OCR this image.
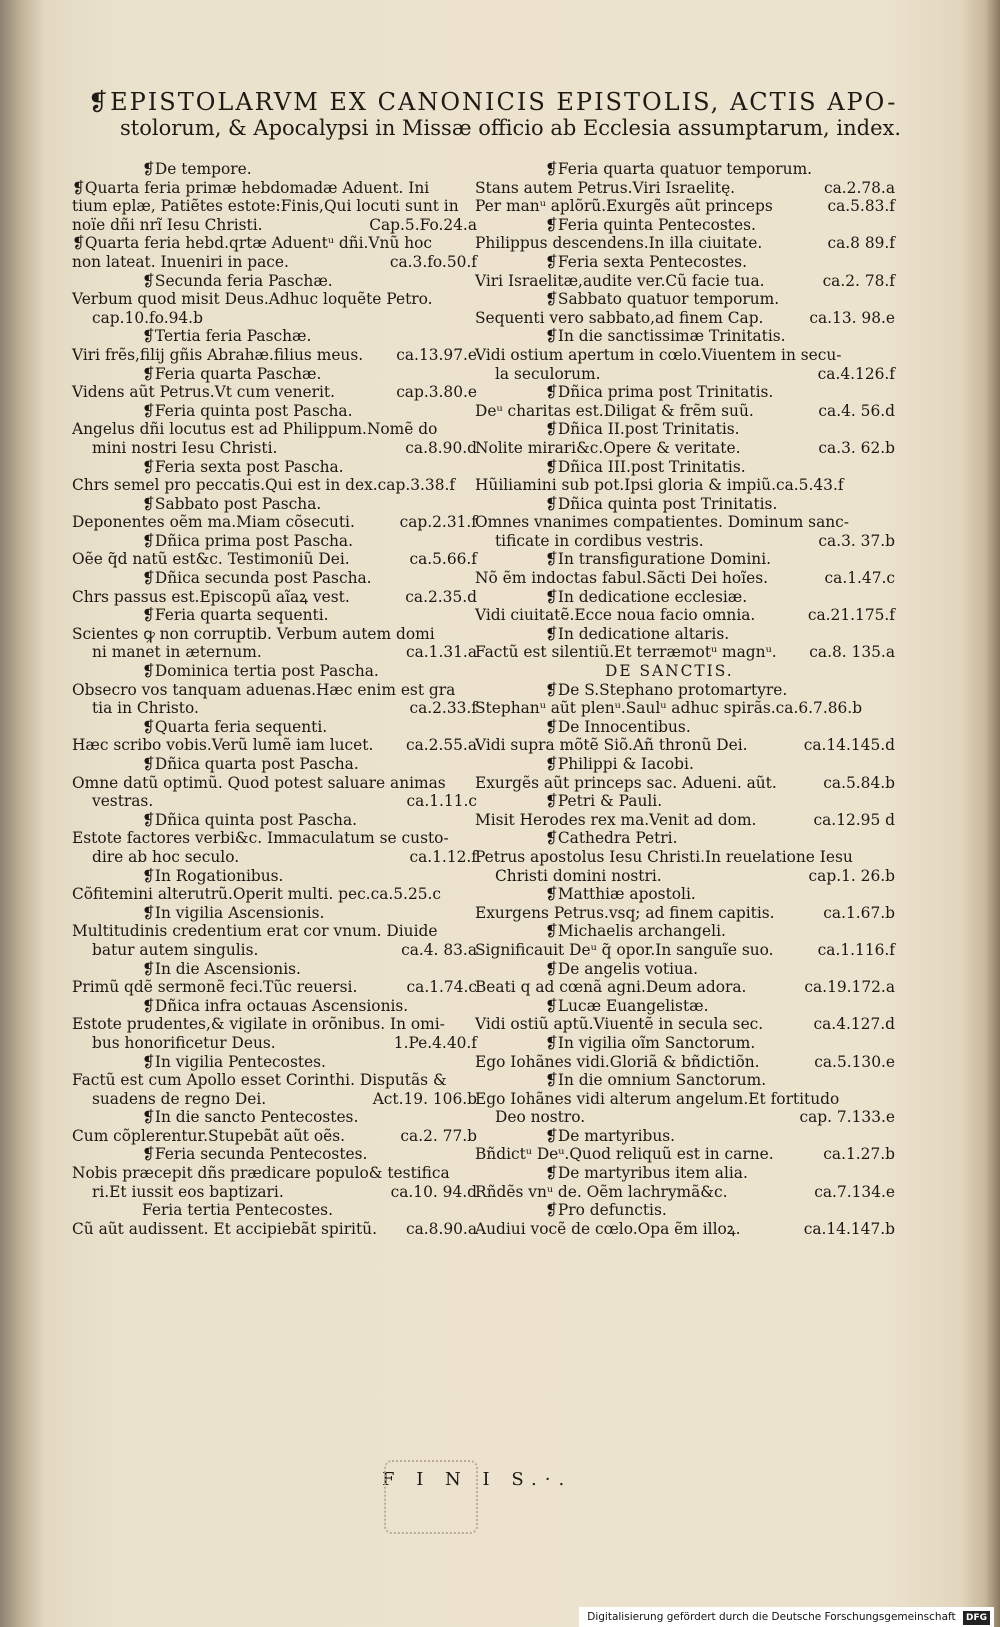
❡EPISTOLARVM EX CANONICIS EPISTOLIS, ACTIS APO-
stolorum, & Apocalypsi in Missæ officio ab Ecclesia assumptarum, index.
❡De tempore.
❡Quarta feria primæ hebdomadæ Aduent. Ini
tium eplæ, Patiẽtes estote:Finis,Qui locuti sunt in
noïe dñi nrĩ Iesu Christi.	Cap.5.Fo.24.a
❡Quarta feria hebd.qrtæ Aduentᵘ dñi.Vnũ hoc
non lateat. Inueniri in pace.	ca.3.fo.50.f
❡Secunda feria Paschæ.
Verbum quod misit Deus.Adhuc loquẽte Petro.
cap.10.fo.94.b
❡Tertia feria Paschæ.
Viri frẽs,filij gñis Abrahæ.filius meus. ca.13.97.e
❡Feria quarta Paschæ.
Videns aũt Petrus.Vt cum venerit.	cap.3.80.e
❡Feria quinta post Pascha.
Angelus dñi locutus est ad Philippum.Nomẽ do
mini nostri Iesu Christi.	ca.8.90.d
❡Feria sexta post Pascha.
Chrs semel pro peccatis.Qui est in dex.cap.3.38.f
❡Sabbato post Pascha.
Deponentes oẽm ma.Miam cõsecuti.	cap.2.31.f
❡Dñica prima post Pascha.
Oẽe q̃d natũ est&c. Testimoniũ Dei.	ca.5.66.f
❡Dñica secunda post Pascha.
Chrs passus est.Episcopũ aĩaꝝ vest.	ca.2.35.d
❡Feria quarta sequenti.
Scientes ꝙ non corruptib. Verbum autem domi
ni manet in æternum.	ca.1.31.a
❡Dominica tertia post Pascha.
Obsecro vos tanquam aduenas.Hæc enim est gra
tia in Christo.	ca.2.33.f
❡Quarta feria sequenti.
Hæc scribo vobis.Verũ lumẽ iam lucet. ca.2.55.a
❡Dñica quarta post Pascha.
Omne datũ optimũ. Quod potest saluare animas
vestras.	ca.1.11.c
❡Dñica quinta post Pascha.
Estote factores verbi&c. Immaculatum se custo-
dire ab hoc seculo.	ca.1.12.f
❡In Rogationibus.
Cõfitemini alterutrũ.Operit multi. pec.ca.5.25.c
❡In vigilia Ascensionis.
Multitudinis credentium erat cor vnum. Diuide
batur autem singulis.	ca.4. 83.a
❡In die Ascensionis.
Primũ qdẽ sermonẽ feci.Tũc reuersi.	ca.1.74.c
❡Dñica infra octauas Ascensionis.
Estote prudentes,& vigilate in orõnibus. In omi-
bus honorificetur Deus.	1.Pe.4.40.f
❡In vigilia Pentecostes.
Factũ est cum Apollo esset Corinthi. Disputãs &
suadens de regno Dei.	Act.19. 106.b
❡In die sancto Pentecostes.
Cum cõplerentur.Stupebãt aũt oẽs.	ca.2. 77.b
❡Feria secunda Pentecostes.
Nobis præcepit dñs prædicare populo& testifica
ri.Et iussit eos baptizari.	ca.10. 94.d
Feria tertia Pentecostes.
Cũ aũt audissent. Et accipiebãt spiritũ. ca.8.90.a
❡Feria quarta quatuor temporum.
Stans autem Petrus.Viri Israelitę.	ca.2.78.a
Per manᵘ aplõrũ.Exurgẽs aũt princeps	ca.5.83.f
❡Feria quinta Pentecostes.
Philippus descendens.In illa ciuitate.	ca.8 89.f
❡Feria sexta Pentecostes.
Viri Israelitæ,audite ver.Cũ facie tua.	ca.2. 78.f
❡Sabbato quatuor temporum.
Sequenti vero sabbato,ad finem Cap.	ca.13. 98.e
❡In die sanctissimæ Trinitatis.
Vidi ostium apertum in cœlo.Viuentem in secu-
la seculorum.	ca.4.126.f
❡Dñica prima post Trinitatis.
Deᵘ charitas est.Diligat & frẽm suũ.	ca.4. 56.d
❡Dñica II.post Trinitatis.
Nolite mirari&c.Opere & veritate.	ca.3. 62.b
❡Dñica III.post Trinitatis.
Hũiliamini sub pot.Ipsi gloria & impiũ.ca.5.43.f
❡Dñica quinta post Trinitatis.
Omnes vnanimes compatientes. Dominum sanc-
tificate in cordibus vestris.	ca.3. 37.b
❡In transfiguratione Domini.
Nõ ẽm indoctas fabul.Sãcti Dei hoĩes.	ca.1.47.c
❡In dedicatione ecclesiæ.
Vidi ciuitatẽ.Ecce noua facio omnia.	ca.21.175.f
❡In dedicatione altaris.
Factũ est silentiũ.Et terræmotᵘ magnᵘ. ca.8. 135.a
DE SANCTIS.
❡De S.Stephano protomartyre.
Stephanᵘ aũt plenᵘ.Saulᵘ adhuc spirãs.ca.6.7.86.b
❡De Innocentibus.
Vidi supra mõtẽ Siõ.Añ thronũ Dei.	ca.14.145.d
❡Philippi & Iacobi.
Exurgẽs aũt princeps sac. Adueni. aũt.	ca.5.84.b
❡Petri & Pauli.
Misit Herodes rex ma.Venit ad dom.	ca.12.95 d
❡Cathedra Petri.
Petrus apostolus Iesu Christi.In reuelatione Iesu
Christi domini nostri.	cap.1. 26.b
❡Matthiæ apostoli.
Exurgens Petrus.vsq; ad finem capitis.	ca.1.67.b
❡Michaelis archangeli.
Significauit Deᵘ q̃ opor.In sanguĩe suo.	ca.1.116.f
❡De angelis votiua.
Beati q ad cœnã agni.Deum adora.	ca.19.172.a
❡Lucæ Euangelistæ.
Vidi ostiũ aptũ.Viuentẽ in secula sec.	ca.4.127.d
❡In vigilia oĩm Sanctorum.
Ego Iohãnes vidi.Gloriã & bñdictiõn.	ca.5.130.e
❡In die omnium Sanctorum.
Ego Iohãnes vidi alterum angelum.Et fortitudo
Deo nostro.	cap. 7.133.e
❡De martyribus.
Bñdictᵘ Deᵘ.Quod reliquũ est in carne.	ca.1.27.b
❡De martyribus item alia.
Rñdẽs vnᵘ de. Oẽm lachrymã&c.	ca.7.134.e
❡Pro defunctis.
Audiui vocẽ de cœlo.Opa ẽm illoꝝ.	ca.14.147.b
F I N I S.·.
Digitalisierung gefördert durch die Deutsche Forschungsgemeinschaft DFG
